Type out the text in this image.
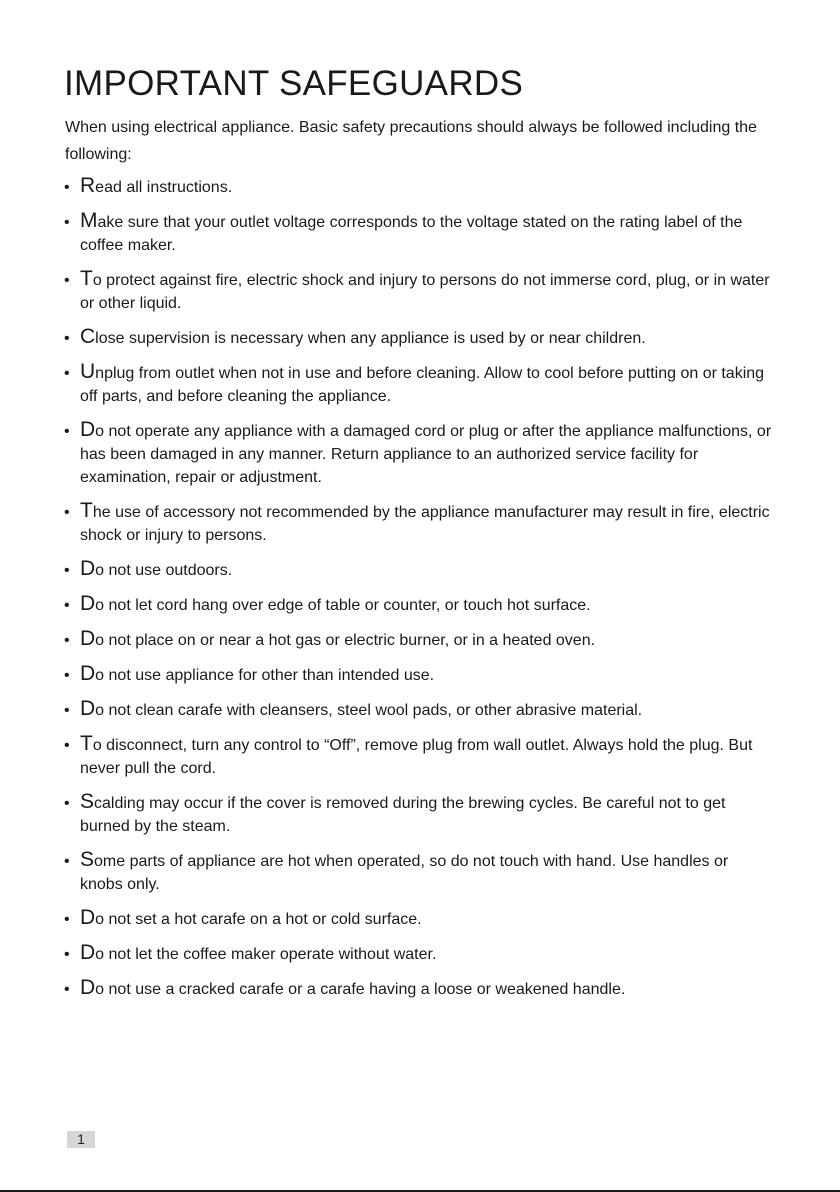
IMPORTANT SAFEGUARDS

When using electrical appliance. Basic safety precautions should always be followed including the following:

• Read all instructions.
• Make sure that your outlet voltage corresponds to the voltage stated on the rating label of the coffee maker.
• To protect against fire, electric shock and injury to persons do not immerse cord, plug, or in water or other liquid.
• Close supervision is necessary when any appliance is used by or near children.
• Unplug from outlet when not in use and before cleaning. Allow to cool before putting on or taking off parts, and before cleaning the appliance.
• Do not operate any appliance with a damaged cord or plug or after the appliance malfunctions, or has been damaged in any manner. Return appliance to an authorized service facility for examination, repair or adjustment.
• The use of accessory not recommended by the appliance manufacturer may result in fire, electric shock or injury to persons.
• Do not use outdoors.
• Do not let cord hang over edge of table or counter, or touch hot surface.
• Do not place on or near a hot gas or electric burner, or in a heated oven.
• Do not use appliance for other than intended use.
• Do not clean carafe with cleansers, steel wool pads, or other abrasive material.
• To disconnect, turn any control to “Off”, remove plug from wall outlet. Always hold the plug. But never pull the cord.
• Scalding may occur if the cover is removed during the brewing cycles. Be careful not to get burned by the steam.
• Some parts of appliance are hot when operated, so do not touch with hand. Use handles or knobs only.
• Do not set a hot carafe on a hot or cold surface.
• Do not let the coffee maker operate without water.
• Do not use a cracked carafe or a carafe having a loose or weakened handle.
1
